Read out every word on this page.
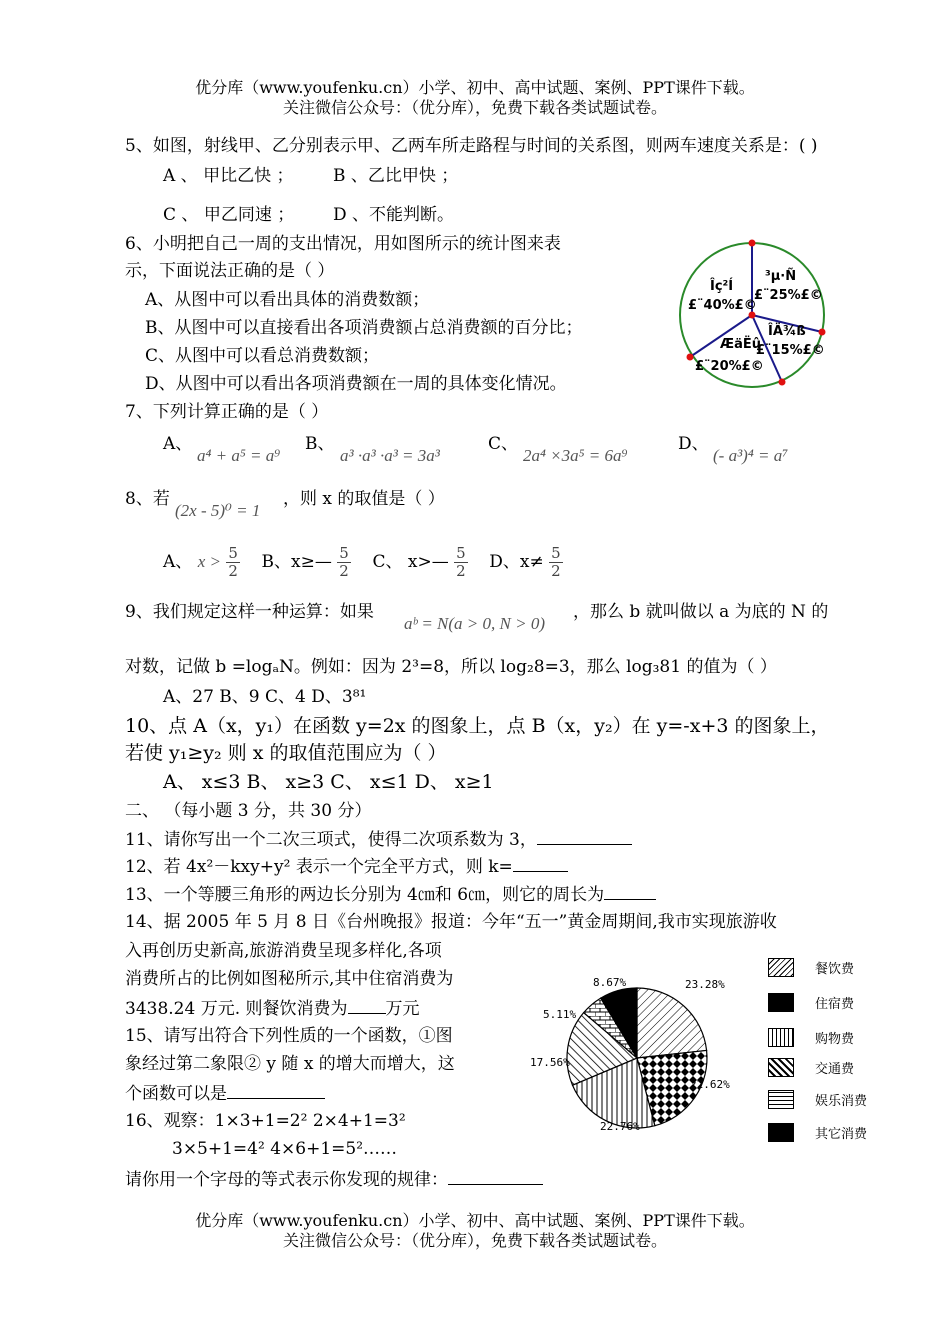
优分库（www.youfenku.cn）小学、初中、高中试题、案例、PPT课件下载。
关注微信公众号：（优分库），免费下载各类试题试卷。
5、如图，射线甲、乙分别表示甲、乙两车所走路程与时间的关系图，则两车速度关系是：( )
A 、 甲比乙快 ； B 、乙比甲快 ；
C 、 甲乙同速 ； D 、不能判断。
6、小明把自己一周的支出情况，用如图所示的统计图来表
示，下面说法正确的是（ ）
A、从图中可以看出具体的消费数额；
B、从图中可以直接看出各项消费额占总消费额的百分比；
C、从图中可以看总消费数额；
D、从图中可以看出各项消费额在一周的具体变化情况。
Îç²Í
£¨40%£©
³µ·Ñ
£¨25%£©
ÎÄ¾ß
£¨15%£©
ÆäËû
£¨20%£©
7、下列计算正确的是（ ）
A、
a⁴ + a⁵ = a⁹
B、
a³ ·a³ ·a³ = 3a³
C、
2a⁴ ×3a⁵ = 6a⁹
D、
(- a³)⁴ = a⁷
8、若
(2x - 5)⁰ = 1
，则 x 的取值是（ ）
A、 $x > \frac{5}{2}$ B、x≥— $\frac{5}{2}$ C、 x>— $\frac{5}{2}$ D、$x\ne \frac{5}{2}$
9、我们规定这样一种运算：如果
aᵇ = N(a > 0, N > 0)
，那么 b 就叫做以 a 为底的 N 的
对数，记做 b =logₐN。例如：因为 2³=8，所以 log₂8=3，那么 log₃81 的值为（ ）
A、27 B、9 C、4 D、3⁸¹
10、点 A（x，y₁）在函数 y=2x 的图象上，点 B（x，y₂）在 y=-x+3 的图象上，
若使 y₁≥y₂ 则 x 的取值范围应为（ ）
A、 x≤3 B、 x≥3 C、 x≤1 D、 x≥1
二、 （每小题 3 分，共 30 分）
11、请你写出一个二次三项式，使得二次项系数为 3，
12、若 4x²－kxy+y² 表示一个完全平方式，则 k=
13、一个等腰三角形的两边长分别为 4㎝和 6㎝，则它的周长为
14、据 2005 年 5 月 8 日《台州晚报》报道：今年“五一”黄金周期间,我市实现旅游收
入再创历史新高,旅游消费呈现多样化,各项
消费所占的比例如图秘所示,其中住宿消费为
3438.24 万元. 则餐饮消费为 万元
15、请写出符合下列性质的一个函数，①图
象经过第二象限② y 随 x 的增大而增大，这
个函数可以是
16、观察：1×3+1=2² 2×4+1=3²
3×5+1=4² 4×6+1=5²……
请你用一个字母的等式表示你发现的规律：
23.28%
22.62%
22.76%
17.56%
5.11%
8.67%
餐饮费
住宿费
购物费
交通费
娱乐消费
其它消费
优分库（www.youfenku.cn）小学、初中、高中试题、案例、PPT课件下载。
关注微信公众号：（优分库），免费下载各类试题试卷。
